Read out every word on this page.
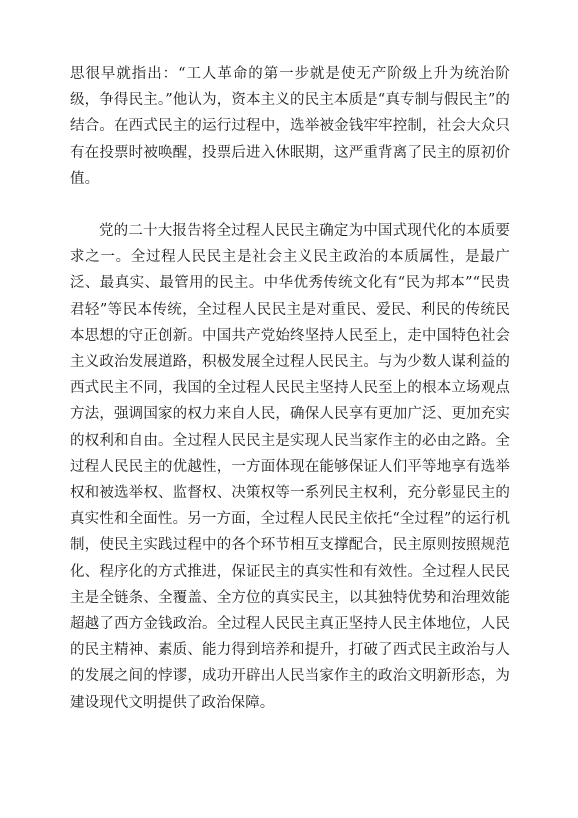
思很早就指出：“工人革命的第一步就是使无产阶级上升为统治阶级，争得民主。”他认为，资本主义的民主本质是“真专制与假民主”的结合。在西式民主的运行过程中，选举被金钱牢牢控制，社会大众只有在投票时被唤醒，投票后进入休眠期，这严重背离了民主的原初价值。

党的二十大报告将全过程人民民主确定为中国式现代化的本质要求之一。全过程人民民主是社会主义民主政治的本质属性，是最广泛、最真实、最管用的民主。中华优秀传统文化有“民为邦本”“民贵君轻”等民本传统，全过程人民民主是对重民、爱民、利民的传统民本思想的守正创新。中国共产党始终坚持人民至上，走中国特色社会主义政治发展道路，积极发展全过程人民民主。与为少数人谋利益的西式民主不同，我国的全过程人民民主坚持人民至上的根本立场观点方法，强调国家的权力来自人民，确保人民享有更加广泛、更加充实的权利和自由。全过程人民民主是实现人民当家作主的必由之路。全过程人民民主的优越性，一方面体现在能够保证人们平等地享有选举权和被选举权、监督权、决策权等一系列民主权利，充分彰显民主的真实性和全面性。另一方面，全过程人民民主依托“全过程”的运行机制，使民主实践过程中的各个环节相互支撑配合，民主原则按照规范化、程序化的方式推进，保证民主的真实性和有效性。全过程人民民主是全链条、全覆盖、全方位的真实民主，以其独特优势和治理效能超越了西方金钱政治。全过程人民民主真正坚持人民主体地位，人民的民主精神、素质、能力得到培养和提升，打破了西式民主政治与人的发展之间的悖谬，成功开辟出人民当家作主的政治文明新形态，为建设现代文明提供了政治保障。
